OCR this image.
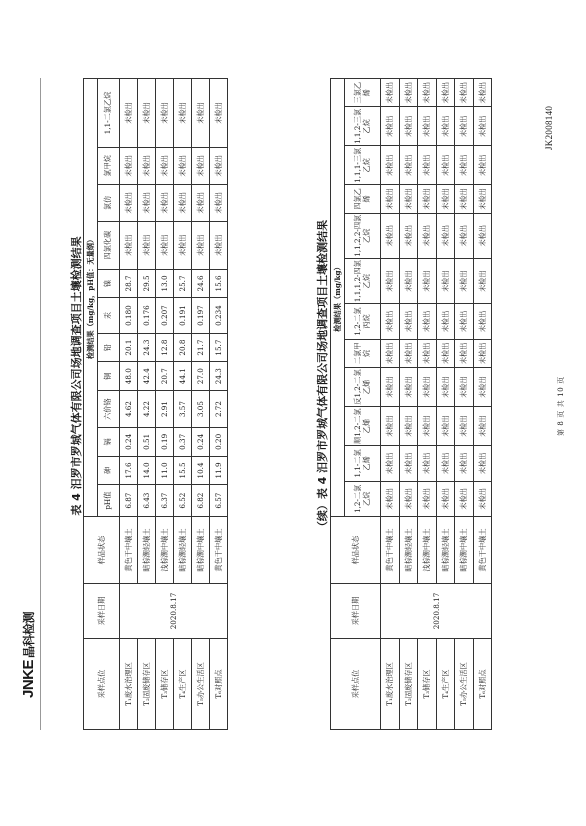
JNKE晶科检测
JK2008140
表 4 汨罗市罗城气体有限公司场地调查项目土壤检测结果
采样点位	采样日期	样品状态	检测结果（mg/kg，pH值：无量纲）											
			pH值	砷	镉	六价铬	铜	铅	汞	镍	四氯化碳	氯仿	氯甲烷	1,1-二氯乙烷
T₁废水治理区	2020.8.17	黄色干中壤土	6.87	17.6	0.24	4.62	48.0	20.1	0.180	28.7	未检出	未检出	未检出	未检出
T₂固废储存区		暗棕潮轻壤土	6.43	14.0	0.51	4.22	42.4	24.3	0.176	29.5	未检出	未检出	未检出	未检出
T₃储存区		浅棕潮中壤土	6.37	11.0	0.19	2.91	20.7	12.8	0.207	13.0	未检出	未检出	未检出	未检出
T₄生产区		暗棕潮轻壤土	6.52	15.5	0.37	3.57	44.1	20.8	0.191	25.7	未检出	未检出	未检出	未检出
T₅办公生活区		暗棕潮中壤土	6.82	10.4	0.24	3.05	27.0	21.7	0.197	24.6	未检出	未检出	未检出	未检出
T₆对照点		黄色干中壤土	6.57	11.9	0.20	2.72	24.3	15.7	0.234	15.6	未检出	未检出	未检出	未检出
（续）表 4 汨罗市罗城气体有限公司场地调查项目土壤检测结果
采样点位	采样日期	样品状态	检测结果（mg/kg）											
			1,2-二氯乙烷	1,1-二氯乙烯	顺1,2-二氯乙烯	反1,2-二氯乙烯	二氯甲烷	1,2-二氯丙烷	1,1,1,2-四氯乙烷	1,1,2,2-四氯乙烷	四氯乙烯	1,1,1-三氯乙烷	1,1,2-三氯乙烷	三氯乙烯
T₁废水治理区	2020.8.17	黄色干中壤土	未检出	未检出	未检出	未检出	未检出	未检出	未检出	未检出	未检出	未检出	未检出	未检出
T₂固废储存区		暗棕潮轻壤土	未检出	未检出	未检出	未检出	未检出	未检出	未检出	未检出	未检出	未检出	未检出	未检出
T₃储存区		浅棕潮中壤土	未检出	未检出	未检出	未检出	未检出	未检出	未检出	未检出	未检出	未检出	未检出	未检出
T₄生产区		暗棕潮轻壤土	未检出	未检出	未检出	未检出	未检出	未检出	未检出	未检出	未检出	未检出	未检出	未检出
T₅办公生活区		暗棕潮中壤土	未检出	未检出	未检出	未检出	未检出	未检出	未检出	未检出	未检出	未检出	未检出	未检出
T₆对照点		黄色干中壤土	未检出	未检出	未检出	未检出	未检出	未检出	未检出	未检出	未检出	未检出	未检出	未检出
第 8 页 共 10 页
